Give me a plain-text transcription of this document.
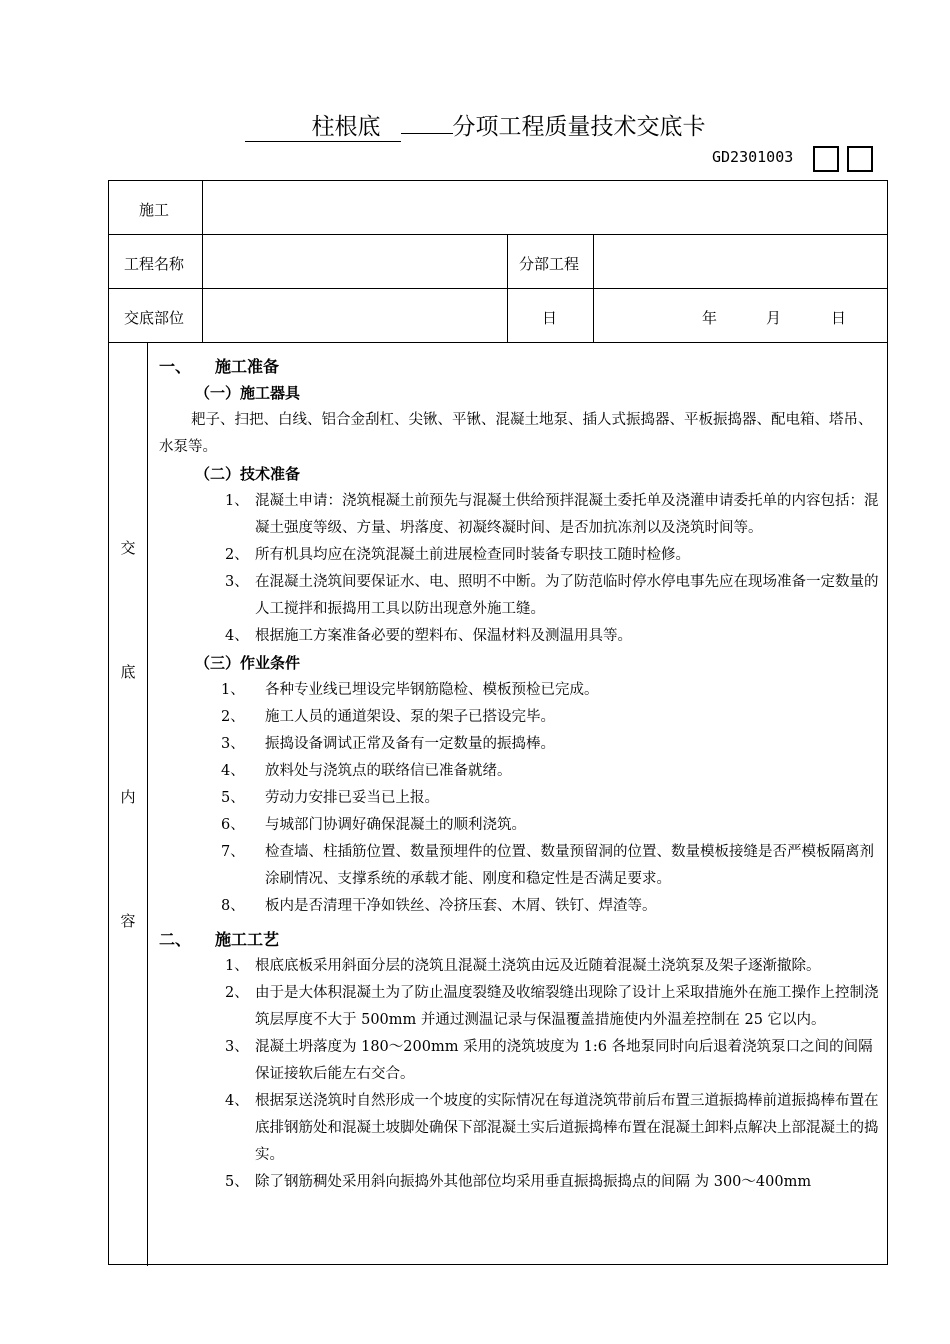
柱根底	分项工程质量技术交底卡
GD2301003
施工
工程名称	分部工程
交底部位	日	年	月	日
交
底
内
容
一、 施工准备
（一）施工器具
耙子、扫把、白线、铝合金刮杠、尖锹、平锹、混凝土地泵、插人式振捣器、平板振捣器、配电箱、塔吊、水泵等。
（二）技术准备
1、 混凝土申请：浇筑棍凝土前预先与混凝土供给预拌混凝土委托单及浇灌申请委托单的内容包括：混凝土强度等级、方量、坍落度、初凝终凝时间、是否加抗冻剂以及浇筑时间等。
2、 所有机具均应在浇筑混凝土前进展检查同时装备专职技工随时检修。
3、 在混凝土浇筑间要保证水、电、照明不中断。为了防范临时停水停电事先应在现场准备一定数量的人工搅拌和振捣用工具以防出现意外施工缝。
4、 根据施工方案准备必要的塑料布、保温材料及测温用具等。
（三）作业条件
1、	各种专业线已埋设完毕钢筋隐检、模板预检已完成。
2、	施工人员的通道架设、泵的架子已搭设完毕。
3、	振捣设备调试正常及备有一定数量的振捣棒。
4、	放料处与浇筑点的联络信已准备就绪。
5、	劳动力安排已妥当已上报。
6、	与城部门协调好确保混凝土的顺利浇筑。
7、	检查墙、柱插筋位置、数量预埋件的位置、数量预留洞的位置、数量模板接缝是否严模板隔离剂涂刷情况、支撑系统的承载才能、刚度和稳定性是否满足要求。
8、	板内是否清理干净如铁丝、冷挤压套、木屑、铁钉、焊渣等。
二、 施工工艺
1、 根底底板采用斜面分层的浇筑且混凝土浇筑由远及近随着混凝土浇筑泵及架子逐渐撤除。
2、 由于是大体积混凝土为了防止温度裂缝及收缩裂缝出现除了设计上采取措施外在施工操作上控制浇筑层厚度不大于 500mm 并通过测温记录与保温覆盖措施使内外温差控制在 25 它以内。
3、 混凝土坍落度为 180～200mm 采用的浇筑坡度为 1:6 各地泵同时向后退着浇筑泵口之间的间隔 保证接软后能左右交合。
4、 根据泵送浇筑时自然形成一个坡度的实际情况在每道浇筑带前后布置三道振捣棒前道振捣棒布置在底排钢筋处和混凝土坡脚处确保下部混凝土实后道振捣棒布置在混凝土卸料点解决上部混凝土的捣实。
5、 除了钢筋稠处采用斜向振捣外其他部位均采用垂直振捣振捣点的间隔 为 300～400mm
